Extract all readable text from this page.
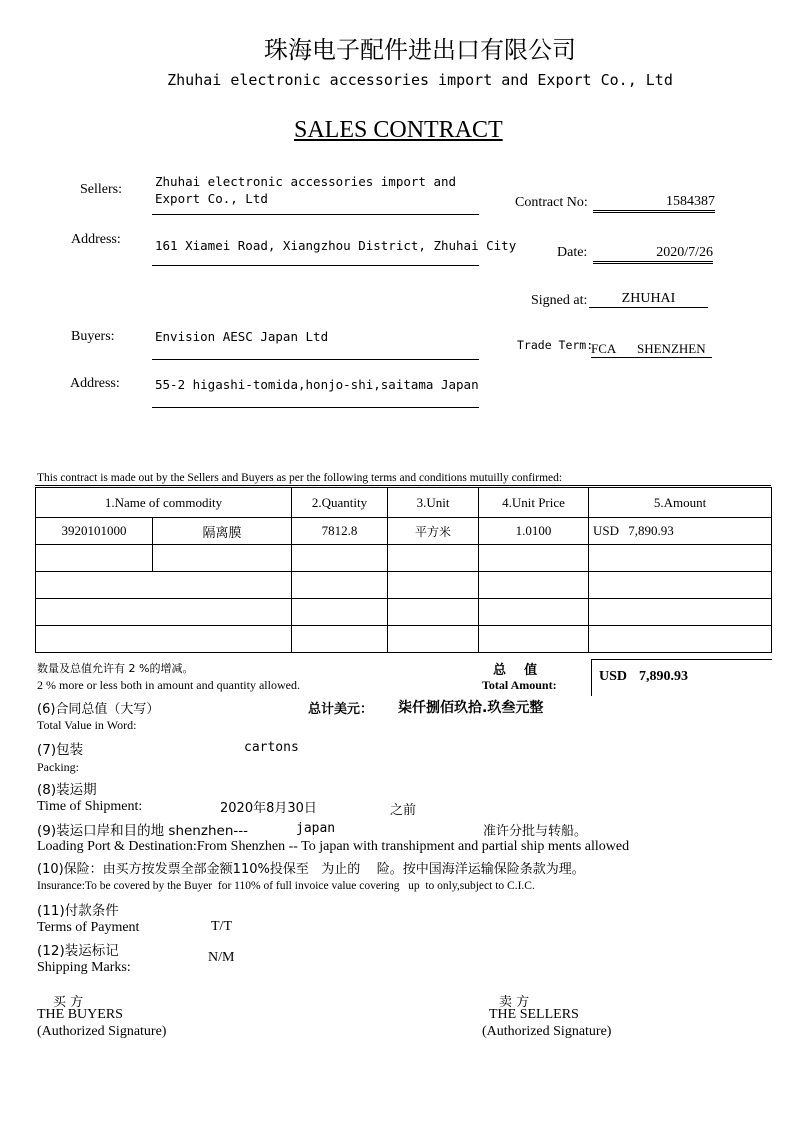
珠海电子配件进出口有限公司
Zhuhai electronic accessories import and Export Co., Ltd
SALES CONTRACT
Sellers:
Zhuhai electronic accessories import and
Export Co., Ltd
Address:	161 Xiamei Road, Xiangzhou District, Zhuhai City
Buyers:	Envision AESC Japan Ltd
Address:	55-2 higashi-tomida,honjo-shi,saitama Japan
Contract No:	1584387
Date:	2020/7/26
Signed at:	ZHUHAI
Trade Term:
FCA SHENZHEN
This contract is made out by the Sellers and Buyers as per the following terms and conditions mutuilly confirmed:
1.Name of commodity		2.Quantity	3.Unit	4.Unit Price	5.Amount
3920101000	隔离膜	7812.8	平方米	1.0100	USD 7,890.93

数量及总值允许有 2 %的增减。
2 % more or less both in amount and quantity allowed.
总    值
Total Amount:
USD 7,890.93
(6)合同总值（大写）	总计美元： 柒仟捌佰玖拾.玖叁元整
Total Value in Word:
(7)包装	cartons
Packing:
(8)装运期
Time of Shipment:	2020年8月30日	之前
(9)装运口岸和目的地 shenzhen---	japan	准许分批与转船。
Loading Port & Destination:From Shenzhen -- To japan with transhipment and partial ship ments allowed
(10)保险：由买方按发票全部金额110%投保至   为止的    险。按中国海洋运输保险条款为理。
Insurance:To be covered by the Buyer  for 110% of full invoice value covering   up  to only,subject to C.I.C.
(11)付款条件
Terms of Payment	T/T
(12)装运标记
Shipping Marks:
N/M
买 方
THE BUYERS
(Authorized Signature)
卖 方
THE SELLERS
(Authorized Signature)
